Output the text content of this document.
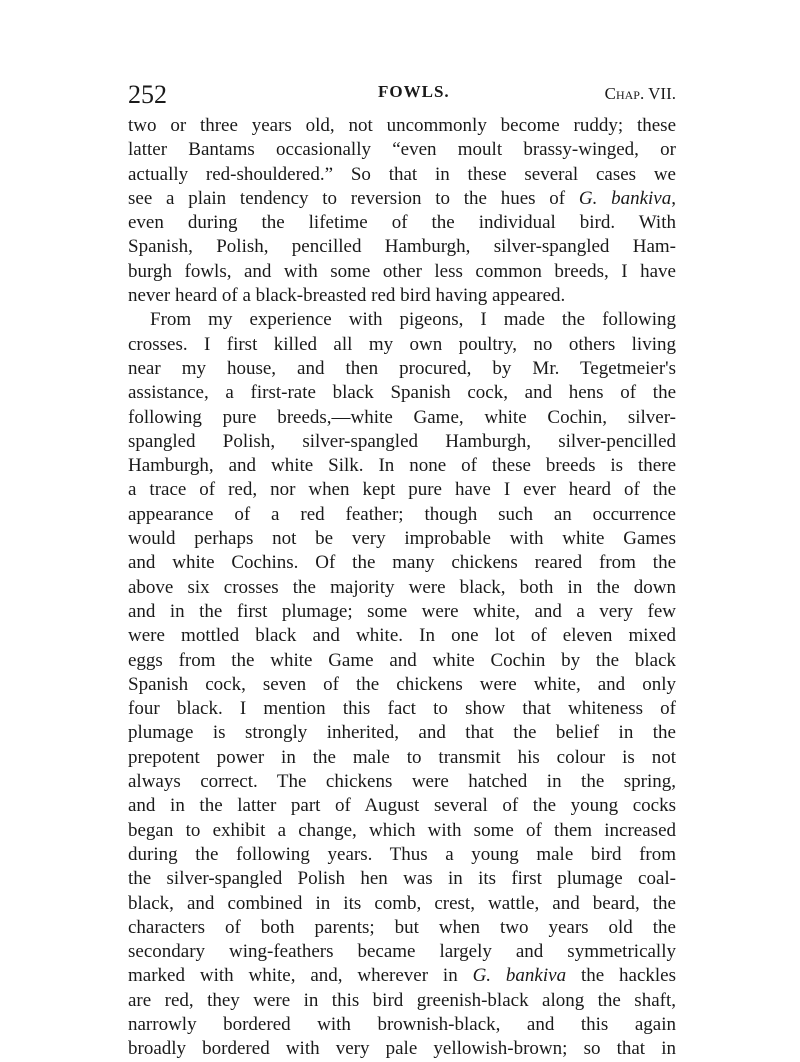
252	FOWLS.	Chap. VII.
two or three years old, not uncommonly become ruddy; these
latter Bantams occasionally “even moult brassy-winged, or
actually red-shouldered.” So that in these several cases we
see a plain tendency to reversion to the hues of G. bankiva,
even during the lifetime of the individual bird. With
Spanish, Polish, pencilled Hamburgh, silver-spangled Ham-
burgh fowls, and with some other less common breeds, I have
never heard of a black-breasted red bird having appeared.
From my experience with pigeons, I made the following
crosses. I first killed all my own poultry, no others living
near my house, and then procured, by Mr. Tegetmeier's
assistance, a first-rate black Spanish cock, and hens of the
following pure breeds,—white Game, white Cochin, silver-
spangled Polish, silver-spangled Hamburgh, silver-pencilled
Hamburgh, and white Silk. In none of these breeds is there
a trace of red, nor when kept pure have I ever heard of the
appearance of a red feather; though such an occurrence
would perhaps not be very improbable with white Games
and white Cochins. Of the many chickens reared from the
above six crosses the majority were black, both in the down
and in the first plumage; some were white, and a very few
were mottled black and white. In one lot of eleven mixed
eggs from the white Game and white Cochin by the black
Spanish cock, seven of the chickens were white, and only
four black. I mention this fact to show that whiteness of
plumage is strongly inherited, and that the belief in the
prepotent power in the male to transmit his colour is not
always correct. The chickens were hatched in the spring,
and in the latter part of August several of the young cocks
began to exhibit a change, which with some of them increased
during the following years. Thus a young male bird from
the silver-spangled Polish hen was in its first plumage coal-
black, and combined in its comb, crest, wattle, and beard, the
characters of both parents; but when two years old the
secondary wing-feathers became largely and symmetrically
marked with white, and, wherever in G. bankiva the hackles
are red, they were in this bird greenish-black along the shaft,
narrowly bordered with brownish-black, and this again
broadly bordered with very pale yellowish-brown; so that in
